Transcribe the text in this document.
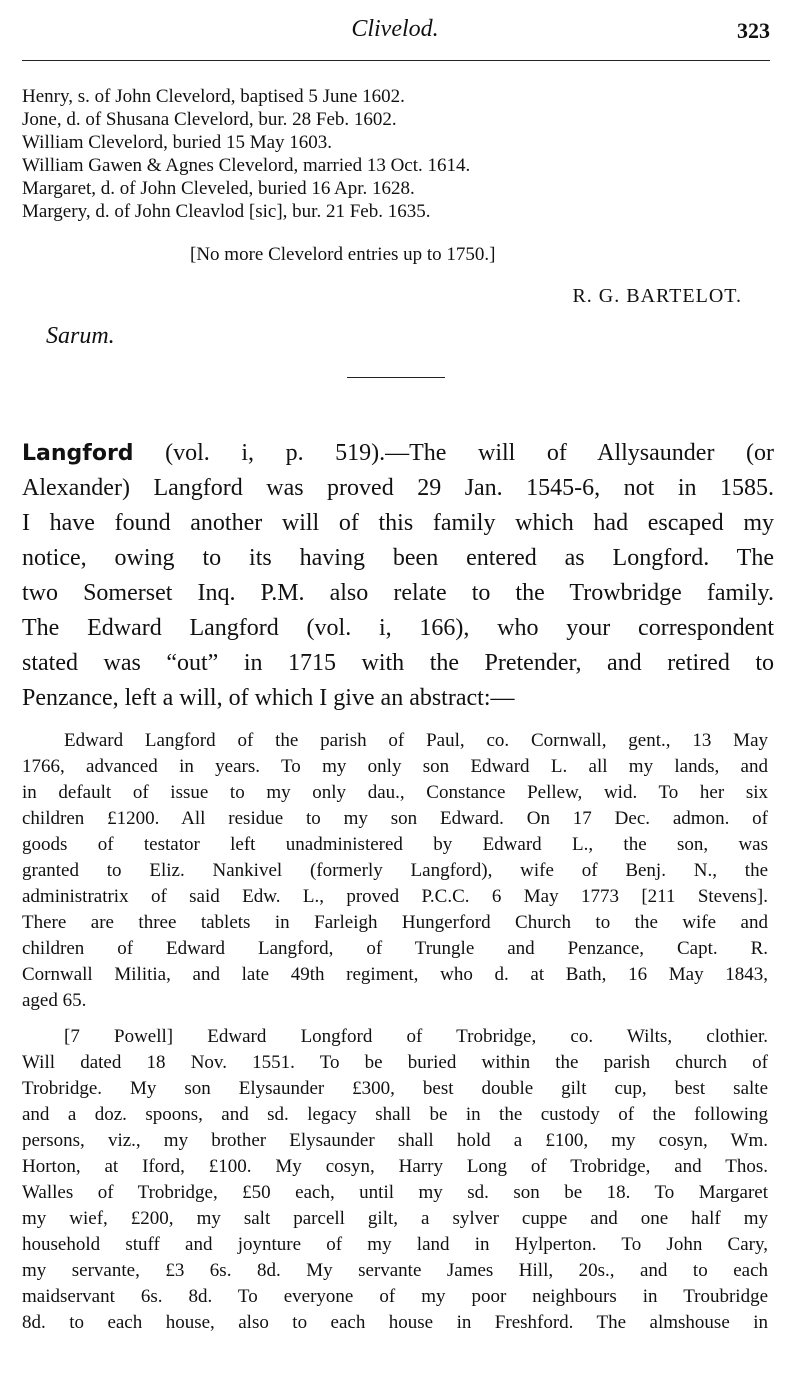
Clivelod.	323
Henry, s. of John Clevelord, baptised 5 June 1602.
Jone, d. of Shusana Clevelord, bur. 28 Feb. 1602.
William Clevelord, buried 15 May 1603.
William Gawen & Agnes Clevelord, married 13 Oct. 1614.
Margaret, d. of John Cleveled, buried 16 Apr. 1628.
Margery, d. of John Cleavlod [sic], bur. 21 Feb. 1635.
[No more Clevelord entries up to 1750.]
R. G. BARTELOT.
Sarum.
Langford (vol. i, p. 519).—The will of Allysaunder (or
Alexander) Langford was proved 29 Jan. 1545-6, not in 1585.
I have found another will of this family which had escaped my
notice, owing to its having been entered as Longford. The
two Somerset Inq. P.M. also relate to the Trowbridge family.
The Edward Langford (vol. i, 166), who your correspondent
stated was “out” in 1715 with the Pretender, and retired to
Penzance, left a will, of which I give an abstract:—
Edward Langford of the parish of Paul, co. Cornwall, gent., 13 May
1766, advanced in years. To my only son Edward L. all my lands, and
in default of issue to my only dau., Constance Pellew, wid. To her six
children £1200. All residue to my son Edward. On 17 Dec. admon. of
goods of testator left unadministered by Edward L., the son, was
granted to Eliz. Nankivel (formerly Langford), wife of Benj. N., the
administratrix of said Edw. L., proved P.C.C. 6 May 1773 [211 Stevens].
There are three tablets in Farleigh Hungerford Church to the wife and
children of Edward Langford, of Trungle and Penzance, Capt. R.
Cornwall Militia, and late 49th regiment, who d. at Bath, 16 May 1843,
aged 65.
[7 Powell] Edward Longford of Trobridge, co. Wilts, clothier.
Will dated 18 Nov. 1551. To be buried within the parish church of
Trobridge. My son Elysaunder £300, best double gilt cup, best salte
and a doz. spoons, and sd. legacy shall be in the custody of the following
persons, viz., my brother Elysaunder shall hold a £100, my cosyn, Wm.
Horton, at Iford, £100. My cosyn, Harry Long of Trobridge, and Thos.
Walles of Trobridge, £50 each, until my sd. son be 18. To Margaret
my wief, £200, my salt parcell gilt, a sylver cuppe and one half my
household stuff and joynture of my land in Hylperton. To John Cary,
my servante, £3 6s. 8d. My servante James Hill, 20s., and to each
maidservant 6s. 8d. To everyone of my poor neighbours in Troubridge
8d. to each house, also to each house in Freshford. The almshouse in
